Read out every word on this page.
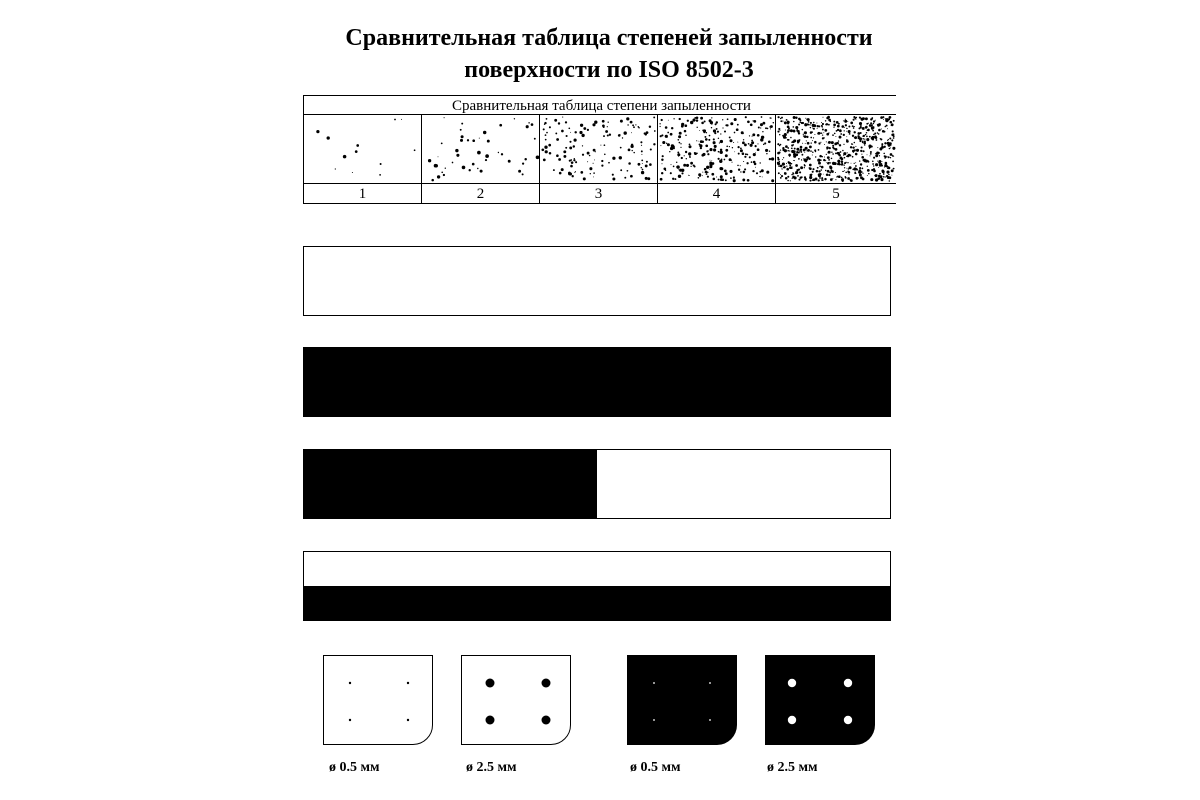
Сравнительная таблица степеней запыленности
поверхности по ISO 8502-3
Сравнительная таблица степени запыленности
1	2	3	4	5
ø 0.5 мм	ø 2.5 мм	ø 0.5 мм	ø 2.5 мм
